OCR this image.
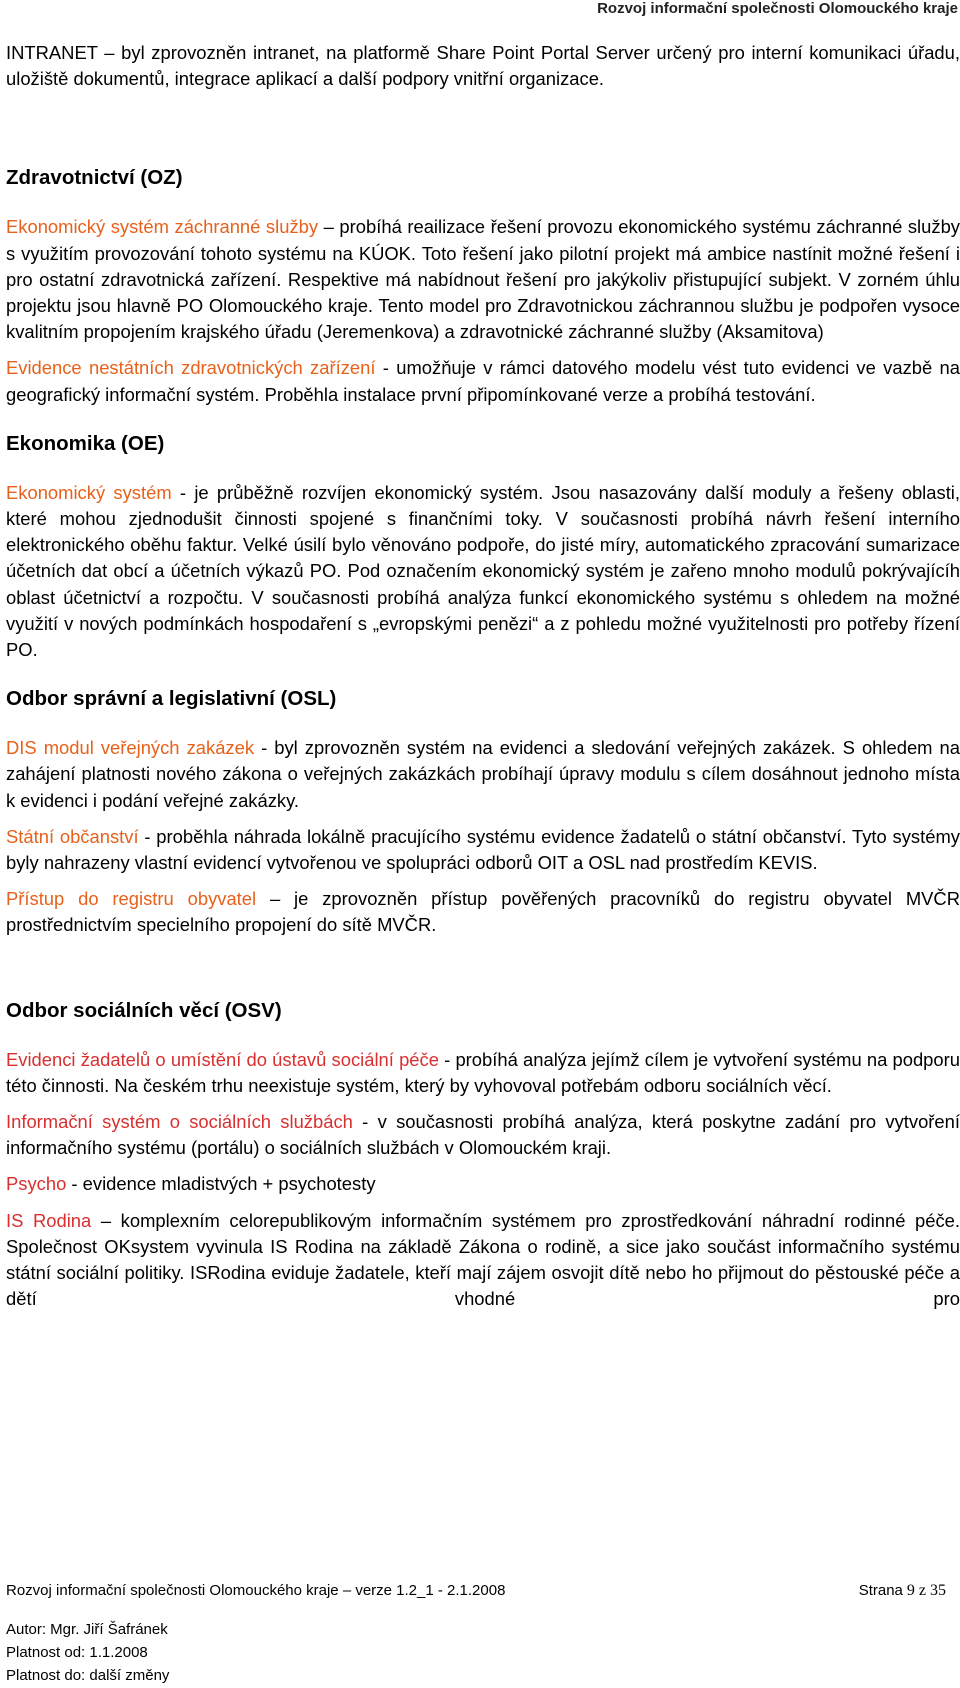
Rozvoj informační společnosti Olomouckého kraje

INTRANET – byl zprovozněn intranet, na platformě Share Point Portal Server určený pro interní komunikaci úřadu, uložiště dokumentů, integrace aplikací a další podpory vnitřní organizace.

Zdravotnictví (OZ)

Ekonomický systém záchranné služby – probíhá reailizace řešení provozu ekonomického systému záchranné služby s využitím provozování tohoto systému na KÚOK. Toto řešení jako pilotní projekt má ambice nastínit možné řešení i pro ostatní zdravotnická zařízení. Respektive má nabídnout řešení pro jakýkoliv přistupující subjekt. V zorném úhlu projektu jsou hlavně PO Olomouckého kraje. Tento model pro Zdravotnickou záchrannou službu je podpořen vysoce kvalitním propojením krajského úřadu (Jeremenkova) a zdravotnické záchranné služby (Aksamitova)

Evidence nestátních zdravotnických zařízení - umožňuje v rámci datového modelu vést tuto evidenci ve vazbě na geografický informační systém. Proběhla instalace první připomínkované verze a probíhá testování.

Ekonomika (OE)

Ekonomický systém - je průběžně rozvíjen ekonomický systém. Jsou nasazovány další moduly a řešeny oblasti, které mohou zjednodušit činnosti spojené s finančními toky. V současnosti probíhá návrh řešení interního elektronického oběhu faktur. Velké úsilí bylo věnováno podpoře, do jisté míry, automatického zpracování sumarizace účetních dat obcí a účetních výkazů PO. Pod označením ekonomický systém je zařeno mnoho modulů pokrývajícíh oblast účetnictví a rozpočtu. V současnosti probíhá analýza funkcí ekonomického systému s ohledem na možné využití v nových podmínkách hospodaření s „evropskými penězi“ a z pohledu možné využitelnosti pro potřeby řízení PO.

Odbor správní a legislativní (OSL)

DIS modul veřejných zakázek - byl zprovozněn systém na evidenci a sledování veřejných zakázek. S ohledem na zahájení platnosti nového zákona o veřejných zakázkách probíhají úpravy modulu s cílem dosáhnout jednoho místa k evidenci i podání veřejné zakázky.

Státní občanství - proběhla náhrada lokálně pracujícího systému evidence žadatelů o státní občanství. Tyto systémy byly nahrazeny vlastní evidencí vytvořenou ve spolupráci odborů OIT a OSL nad prostředím KEVIS.

Přístup do registru obyvatel – je zprovozněn přístup pověřených pracovníků do registru obyvatel MVČR prostřednictvím specielního propojení do sítě MVČR.

Odbor sociálních věcí (OSV)

Evidenci žadatelů o umístění do ústavů sociální péče - probíhá analýza jejímž cílem je vytvoření systému na podporu této činnosti. Na českém trhu neexistuje systém, který by vyhovoval potřebám odboru sociálních věcí.

Informační systém o sociálních službách - v současnosti probíhá analýza, která poskytne zadání pro vytvoření informačního systému (portálu) o sociálních službách v Olomouckém kraji.

Psycho - evidence mladistvých + psychotesty

IS Rodina – komplexním celorepublikovým informačním systémem pro zprostředkování náhradní rodinné péče. Společnost OKsystem vyvinula IS Rodina na základě Zákona o rodině, a sice jako součást informačního systému státní sociální politiky. ISRodina eviduje žadatele, kteří mají zájem osvojit dítě nebo ho přijmout do pěstouské péče a dětí vhodné pro

Rozvoj informační společnosti Olomouckého kraje – verze 1.2_1 - 2.1.2008	Strana 9 z 35
Autor: Mgr. Jiří Šafránek
Platnost od: 1.1.2008
Platnost do: další změny
